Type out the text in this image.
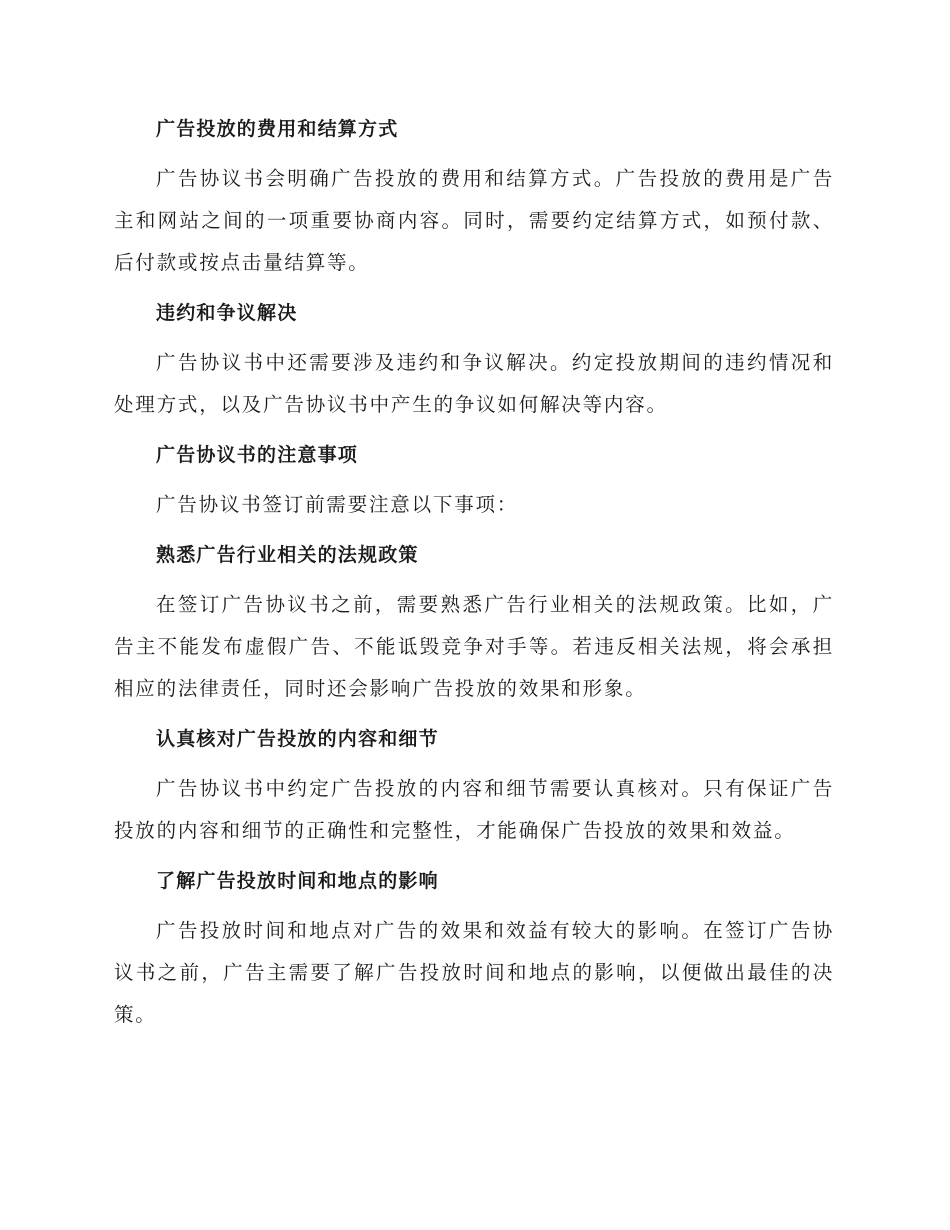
广告投放的费用和结算方式

广告协议书会明确广告投放的费用和结算方式。广告投放的费用是广告主和网站之间的一项重要协商内容。同时，需要约定结算方式，如预付款、后付款或按点击量结算等。

违约和争议解决

广告协议书中还需要涉及违约和争议解决。约定投放期间的违约情况和处理方式，以及广告协议书中产生的争议如何解决等内容。

广告协议书的注意事项

广告协议书签订前需要注意以下事项：

熟悉广告行业相关的法规政策

在签订广告协议书之前，需要熟悉广告行业相关的法规政策。比如，广告主不能发布虚假广告、不能诋毁竞争对手等。若违反相关法规，将会承担相应的法律责任，同时还会影响广告投放的效果和形象。

认真核对广告投放的内容和细节

广告协议书中约定广告投放的内容和细节需要认真核对。只有保证广告投放的内容和细节的正确性和完整性，才能确保广告投放的效果和效益。

了解广告投放时间和地点的影响

广告投放时间和地点对广告的效果和效益有较大的影响。在签订广告协议书之前，广告主需要了解广告投放时间和地点的影响，以便做出最佳的决策。
